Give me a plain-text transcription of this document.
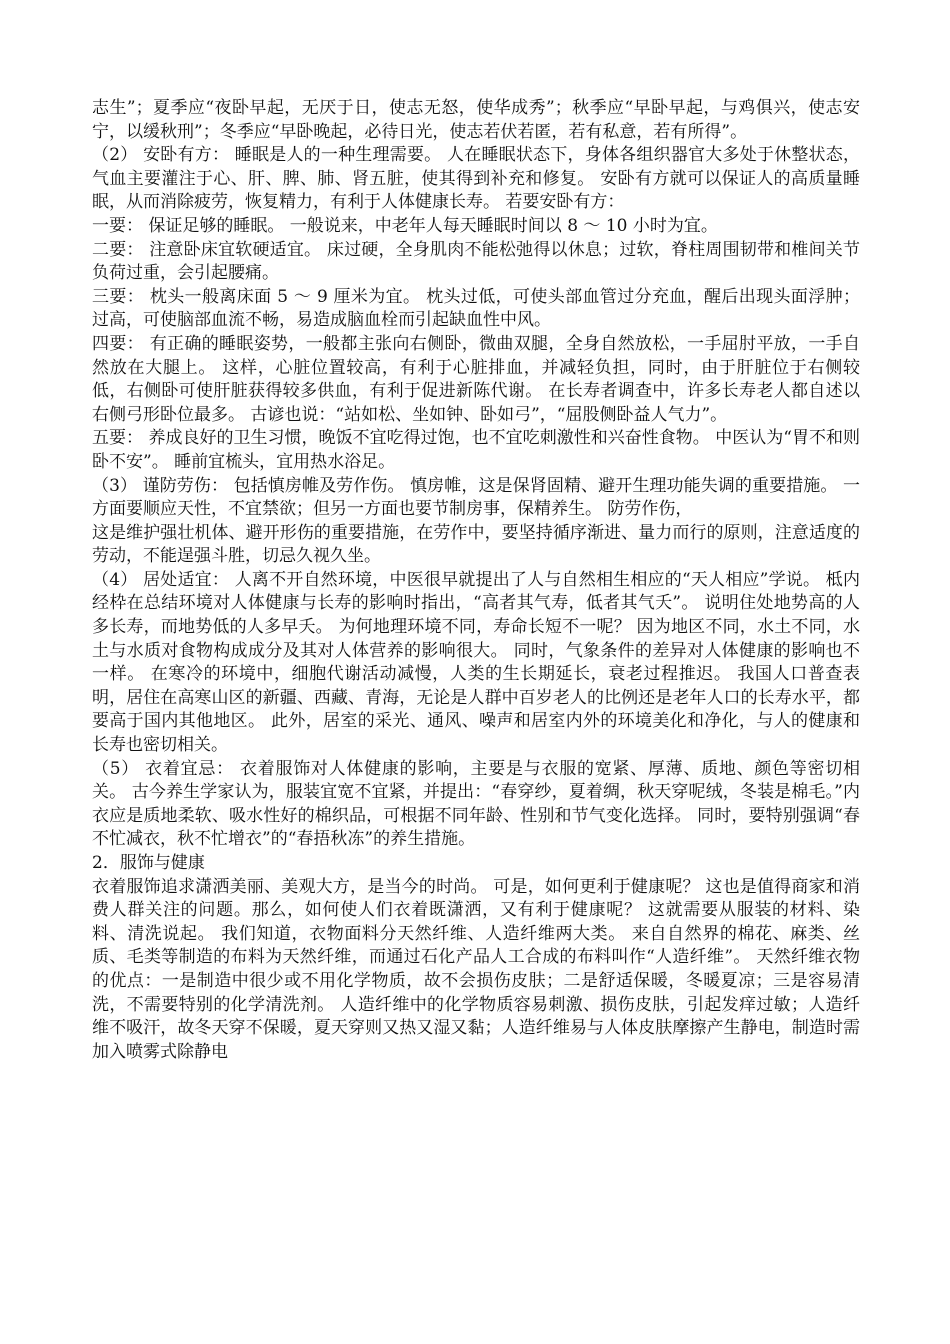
志生”；夏季应“夜卧早起，无厌于日，使志无怒，使华成秀”；秋季应“早卧早起，与鸡俱兴，使志安宁，以缓秋刑”；冬季应“早卧晚起，必待日光，使志若伏若匿，若有私意，若有所得”。

（2） 安卧有方： 睡眠是人的一种生理需要。 人在睡眠状态下，身体各组织器官大多处于休整状态，气血主要灌注于心、肝、脾、肺、肾五脏，使其得到补充和修复。 安卧有方就可以保证人的高质量睡眠，从而消除疲劳，恢复精力，有利于人体健康长寿。 若要安卧有方：

一要： 保证足够的睡眠。 一般说来，中老年人每天睡眠时间以 8 ～ 10 小时为宜。

二要： 注意卧床宜软硬适宜。 床过硬，全身肌肉不能松弛得以休息；过软，脊柱周围韧带和椎间关节负荷过重，会引起腰痛。

三要： 枕头一般离床面 5 ～ 9 厘米为宜。 枕头过低，可使头部血管过分充血，醒后出现头面浮肿；过高，可使脑部血流不畅，易造成脑血栓而引起缺血性中风。

四要： 有正确的睡眠姿势，一般都主张向右侧卧，微曲双腿，全身自然放松，一手屈肘平放，一手自然放在大腿上。 这样，心脏位置较高，有利于心脏排血，并减轻负担，同时，由于肝脏位于右侧较低，右侧卧可使肝脏获得较多供血，有利于促进新陈代谢。 在长寿者调查中，许多长寿老人都自述以右侧弓形卧位最多。 古谚也说：“站如松、坐如钟、卧如弓”，“屈股侧卧益人气力”。

五要： 养成良好的卫生习惯，晚饭不宜吃得过饱，也不宜吃刺激性和兴奋性食物。 中医认为“胃不和则卧不安”。 睡前宜梳头，宜用热水浴足。

（3） 谨防劳伤： 包括慎房帷及劳作伤。 慎房帷，这是保肾固精、避开生理功能失调的重要措施。 一方面要顺应天性，不宜禁欲；但另一方面也要节制房事，保精养生。 防劳作伤，

这是维护强壮机体、避开形伤的重要措施，在劳作中，要坚持循序渐进、量力而行的原则，注意适度的劳动，不能逞强斗胜，切忌久视久坐。

（4） 居处适宜： 人离不开自然环境，中医很早就提出了人与自然相生相应的“天人相应”学说。 柢内经枠在总结环境对人体健康与长寿的影响时指出，“高者其气寿，低者其气夭”。 说明住处地势高的人多长寿，而地势低的人多早夭。 为何地理环境不同，寿命长短不一呢？ 因为地区不同，水土不同，水土与水质对食物构成成分及其对人体营养的影响很大。 同时，气象条件的差异对人体健康的影响也不一样。 在寒冷的环境中，细胞代谢活动减慢，人类的生长期延长，衰老过程推迟。 我国人口普查表明，居住在高寒山区的新疆、西藏、青海，无论是人群中百岁老人的比例还是老年人口的长寿水平，都要高于国内其他地区。 此外，居室的采光、通风、噪声和居室内外的环境美化和净化，与人的健康和长寿也密切相关。

（5） 衣着宜忌： 衣着服饰对人体健康的影响，主要是与衣服的宽紧、厚薄、质地、颜色等密切相关。 古今养生学家认为，服装宜宽不宜紧，并提出：“春穿纱，夏着绸，秋天穿呢绒，冬装是棉毛。”内衣应是质地柔软、吸水性好的棉织品，可根据不同年龄、性别和节气变化选择。 同时，要特别强调“春不忙减衣，秋不忙增衣”的“春捂秋冻”的养生措施。

2．服饰与健康

衣着服饰追求潇洒美丽、美观大方，是当今的时尚。 可是，如何更利于健康呢？ 这也是值得商家和消费人群关注的问题。那么，如何使人们衣着既潇洒，又有利于健康呢？ 这就需要从服装的材料、染料、清洗说起。 我们知道，衣物面料分天然纤维、人造纤维两大类。 来自自然界的棉花、麻类、丝质、毛类等制造的布料为天然纤维，而通过石化产品人工合成的布料叫作“人造纤维”。 天然纤维衣物的优点：一是制造中很少或不用化学物质，故不会损伤皮肤；二是舒适保暖，冬暖夏凉；三是容易清洗，不需要特别的化学清洗剂。 人造纤维中的化学物质容易刺激、损伤皮肤，引起发痒过敏；人造纤维不吸汗，故冬天穿不保暖，夏天穿则又热又湿又黏；人造纤维易与人体皮肤摩擦产生静电，制造时需加入喷雾式除静电
